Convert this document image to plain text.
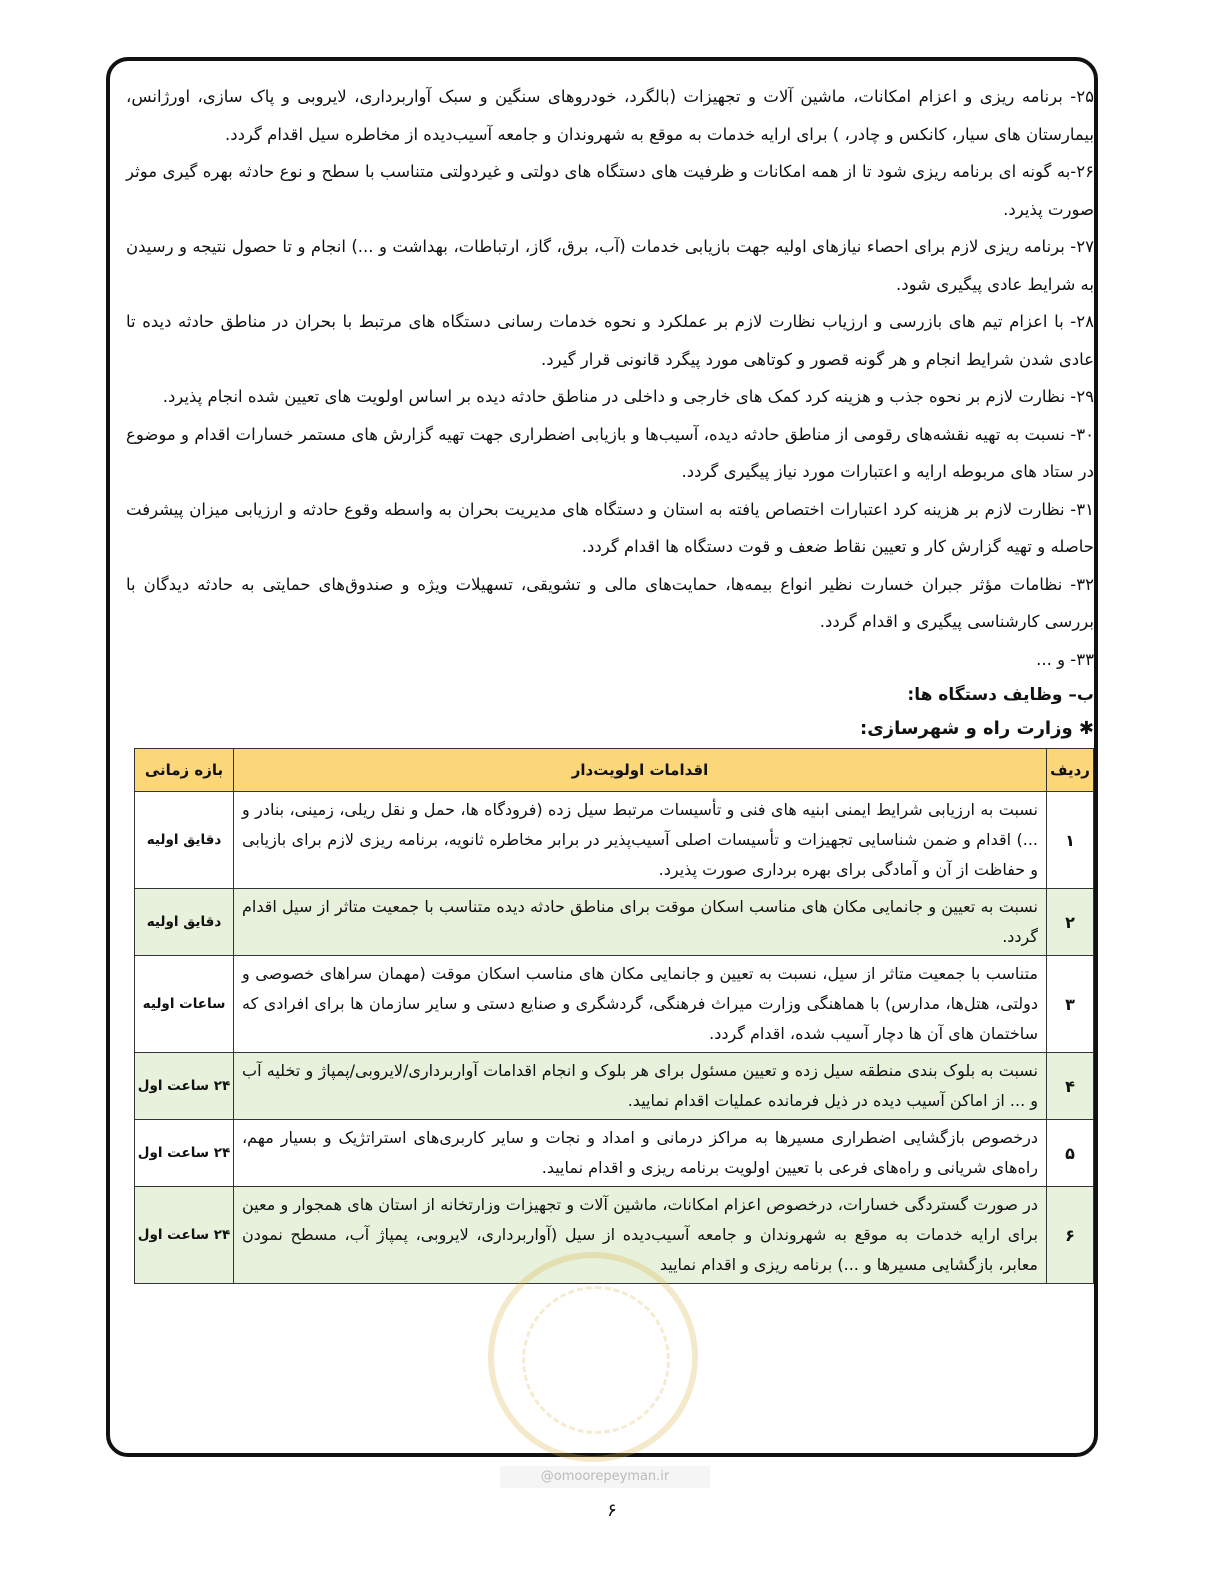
۲۵- برنامه ریزی و اعزام امکانات، ماشین آلات و تجهیزات (بالگرد، خودروهای سنگین و سبک آواربرداری، لایروبی و پاک سازی، اورژانس، بیمارستان های سیار، کانکس و چادر، ) برای ارایه خدمات به موقع به شهروندان و جامعه آسیب‌دیده از مخاطره سیل اقدام گردد.

۲۶-به گونه ای برنامه ریزی شود تا از همه امکانات و ظرفیت های دستگاه های دولتی و غیردولتی متناسب با سطح و نوع حادثه بهره گیری موثر صورت پذیرد.

۲۷- برنامه ریزی لازم برای احصاء نیازهای اولیه جهت بازیابی خدمات (آب، برق، گاز، ارتباطات، بهداشت و ...) انجام و تا حصول نتیجه و رسیدن به شرایط عادی پیگیری شود.

۲۸- با اعزام تیم های بازرسی و ارزیاب نظارت لازم بر عملکرد و نحوه خدمات رسانی دستگاه های مرتبط با بحران در مناطق حادثه دیده تا عادی شدن شرایط انجام و هر گونه قصور و کوتاهی مورد پیگرد قانونی قرار گیرد.

۲۹- نظارت لازم بر نحوه جذب و هزینه کرد کمک های خارجی و داخلی در مناطق حادثه دیده بر اساس اولویت های تعیین شده انجام پذیرد.

۳۰- نسبت به تهیه نقشه‌های رقومی از مناطق حادثه دیده، آسیب‌ها و بازیابی اضطراری جهت تهیه گزارش های مستمر خسارات اقدام و موضوع در ستاد های مربوطه ارایه و اعتبارات مورد نیاز پیگیری گردد.

۳۱- نظارت لازم بر هزینه کرد اعتبارات اختصاص یافته به استان و دستگاه های مدیریت بحران به واسطه وقوع حادثه و ارزیابی میزان پیشرفت حاصله و تهیه گزارش کار و تعیین نقاط ضعف و قوت دستگاه ها اقدام گردد.

۳۲- نظامات مؤثر جبران خسارت نظیر انواع بیمه‌ها، حمایت‌های مالی و تشویقی، تسهیلات ویژه و صندوق‌های حمایتی به حادثه دیدگان با بررسی کارشناسی پیگیری و اقدام گردد.

۳۳- و ...

ب– وظایف دستگاه ها:

✱ وزارت راه و شهرسازی:

ردیف	اقدامات اولویت‌دار	بازه زمانی
۱	نسبت به ارزیابی شرایط ایمنی ابنیه های فنی و تأسیسات مرتبط سیل زده (فرودگاه ها، حمل و نقل ریلی، زمینی، بنادر و ...) اقدام و ضمن شناسایی تجهیزات و تأسیسات اصلی آسیب‌پذیر در برابر مخاطره ثانویه، برنامه ریزی لازم برای بازیابی و حفاظت از آن و آمادگی برای بهره برداری صورت پذیرد.	دقایق اولیه
۲	نسبت به تعیین و جانمایی مکان های مناسب اسکان موقت برای مناطق حادثه دیده متناسب با جمعیت متاثر از سیل اقدام گردد.	دقایق اولیه
۳	متناسب با جمعیت متاثر از سیل، نسبت به تعیین و جانمایی مکان های مناسب اسکان موقت (مهمان سراهای خصوصی و دولتی، هتل‌ها، مدارس) با هماهنگی وزارت میراث فرهنگی، گردشگری و صنایع دستی و سایر سازمان ها برای افرادی که ساختمان های آن ها دچار آسیب شده، اقدام گردد.	ساعات اولیه
۴	نسبت به بلوک بندی منطقه سیل زده و تعیین مسئول برای هر بلوک و انجام اقدامات آواربرداری/لایروبی/پمپاژ و تخلیه آب و ... از اماکن آسیب دیده در ذیل فرمانده عملیات اقدام نمایید.	۲۴ ساعت اول
۵	درخصوص بازگشایی اضطراری مسیرها به مراکز درمانی و امداد و نجات و سایر کاربری‌های استراتژیک و بسیار مهم، راه‌های شریانی و راه‌های فرعی با تعیین اولویت برنامه ریزی و اقدام نمایید.	۲۴ ساعت اول
۶	در صورت گستردگی خسارات، درخصوص اعزام امکانات، ماشین آلات و تجهیزات وزارتخانه از استان های همجوار و معین برای ارایه خدمات به موقع به شهروندان و جامعه آسیب‌دیده از سیل (آواربرداری، لایروبی، پمپاژ آب، مسطح نمودن معابر، بازگشایی مسیرها و ...) برنامه ریزی و اقدام نمایید	۲۴ ساعت اول
@omoorepeyman.ir
۶
